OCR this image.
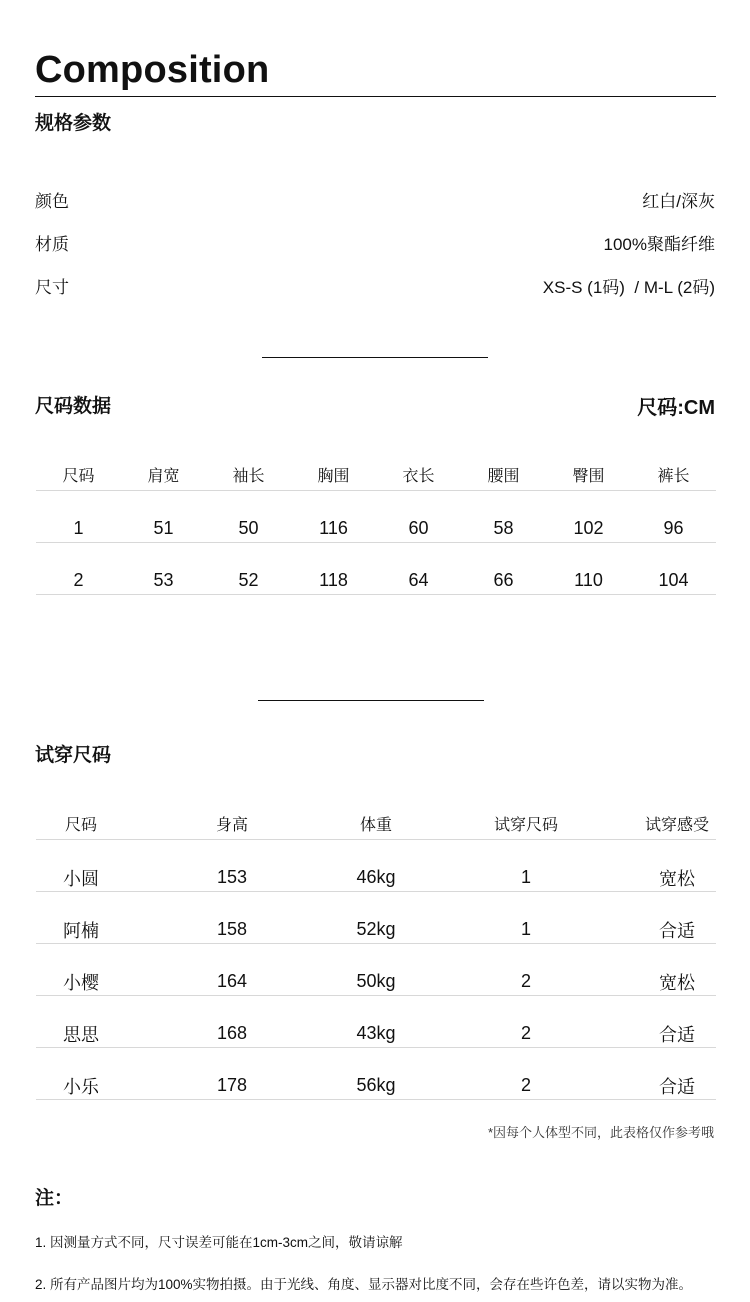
Composition
规格参数
颜色	红白/深灰
材质	100%聚酯纤维
尺寸	XS-S (1码)  / M-L (2码)
尺码数据	尺码:CM
尺码	肩宽	袖长	胸围	衣长	腰围	臀围	裤长
1	51	50	116	60	58	102	96
2	53	52	118	64	66	110	104
试穿尺码
尺码	身高	体重	试穿尺码	试穿感受
小圆	153	46kg	1	宽松
阿楠	158	52kg	1	合适
小樱	164	50kg	2	宽松
思思	168	43kg	2	合适
小乐	178	56kg	2	合适
*因每个人体型不同，此表格仅作参考哦
注：
1. 因测量方式不同，尺寸误差可能在1cm-3cm之间，敬请谅解
2. 所有产品图片均为100%实物拍摄。由于光线、角度、显示器对比度不同，会存在些许色差，请以实物为准。
